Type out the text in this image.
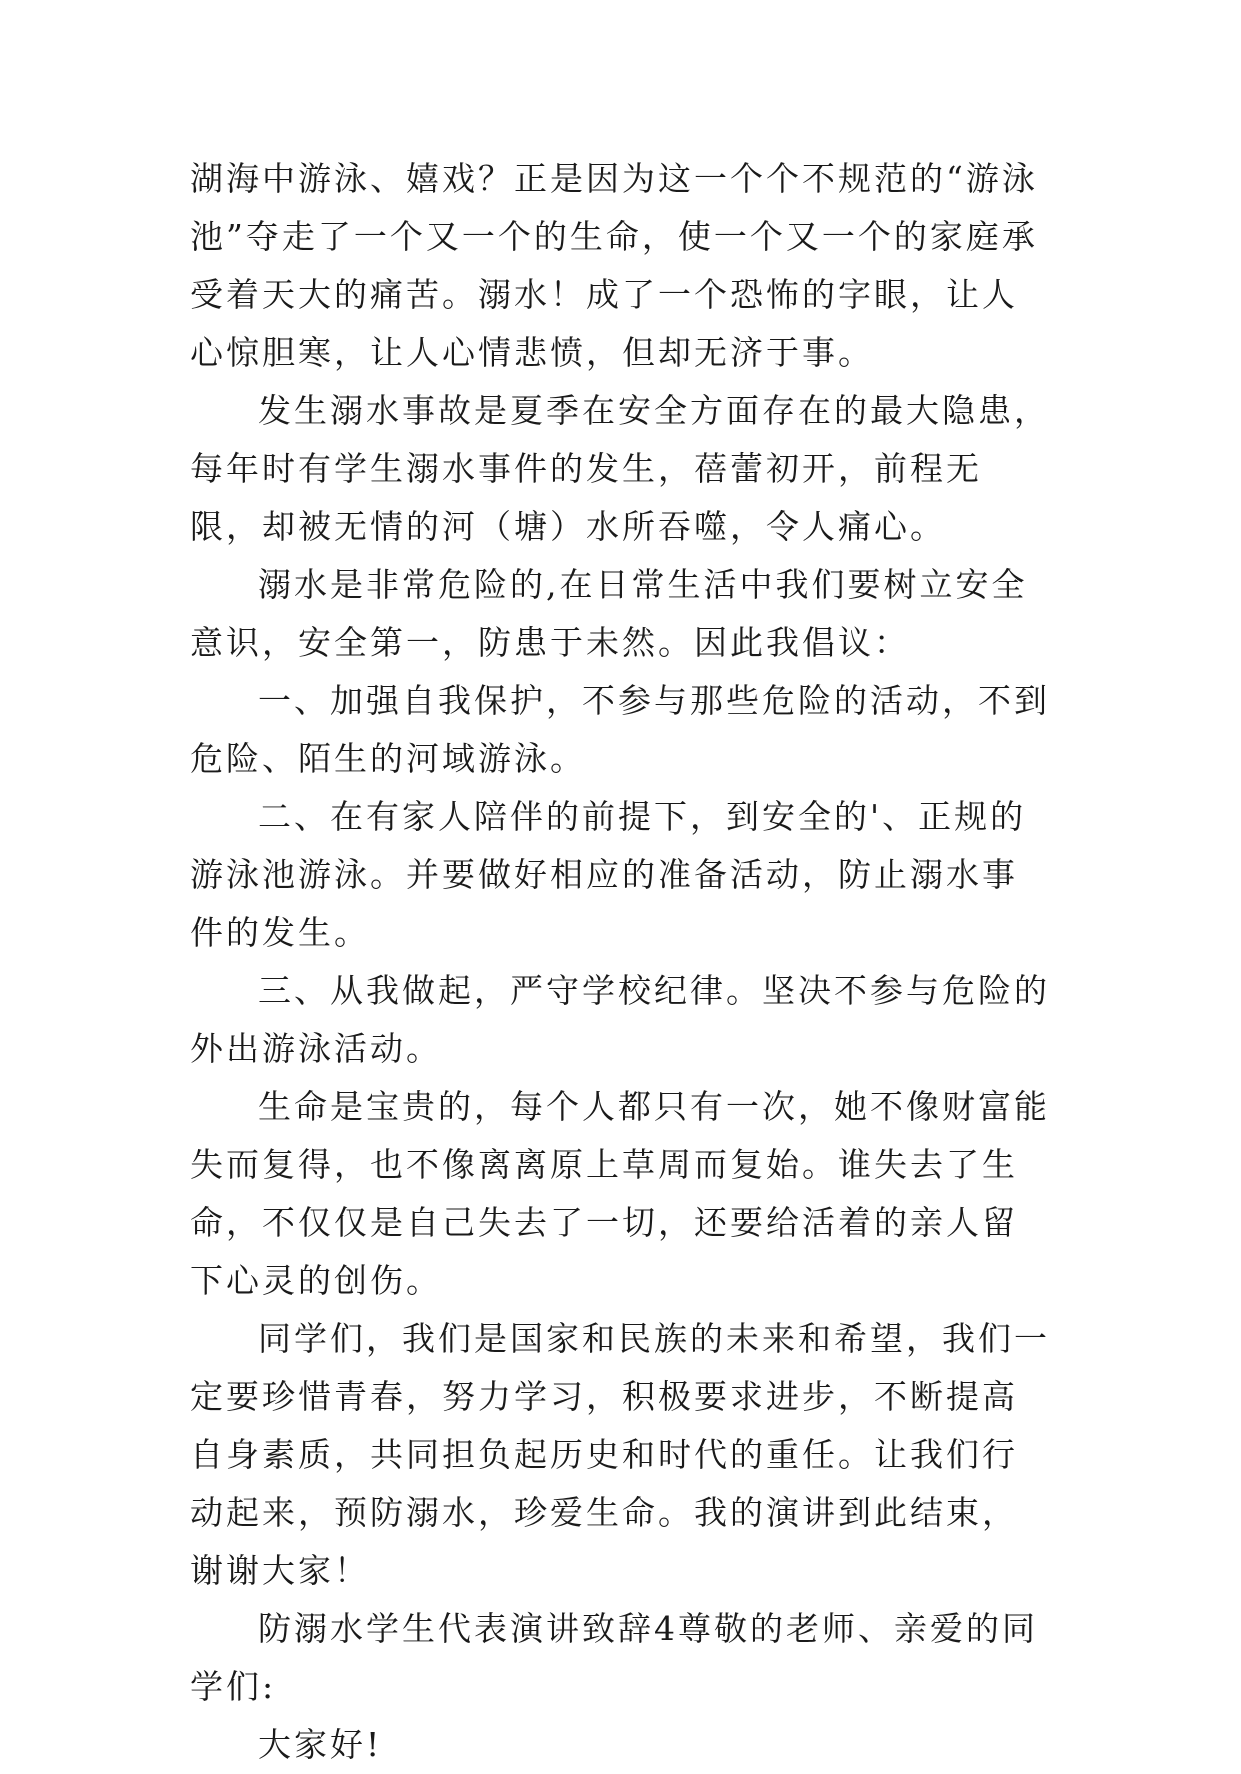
湖海中游泳、嬉戏？正是因为这一个个不规范的“游泳池”夺走了一个又一个的生命，使一个又一个的家庭承受着天大的痛苦。溺水！成了一个恐怖的字眼，让人心惊胆寒，让人心情悲愤，但却无济于事。

发生溺水事故是夏季在安全方面存在的最大隐患，每年时有学生溺水事件的发生，蓓蕾初开，前程无限，却被无情的河（塘）水所吞噬，令人痛心。

溺水是非常危险的,在日常生活中我们要树立安全意识，安全第一，防患于未然。因此我倡议：

一、加强自我保护，不参与那些危险的活动，不到危险、陌生的河域游泳。

二、在有家人陪伴的前提下，到安全的'、正规的游泳池游泳。并要做好相应的准备活动，防止溺水事件的发生。

三、从我做起，严守学校纪律。坚决不参与危险的外出游泳活动。

生命是宝贵的，每个人都只有一次，她不像财富能失而复得，也不像离离原上草周而复始。谁失去了生命，不仅仅是自己失去了一切，还要给活着的亲人留下心灵的创伤。

同学们，我们是国家和民族的未来和希望，我们一定要珍惜青春，努力学习，积极要求进步，不断提高自身素质，共同担负起历史和时代的重任。让我们行动起来，预防溺水，珍爱生命。我的演讲到此结束，谢谢大家！

防溺水学生代表演讲致辞4尊敬的老师、亲爱的同学们:

大家好!
